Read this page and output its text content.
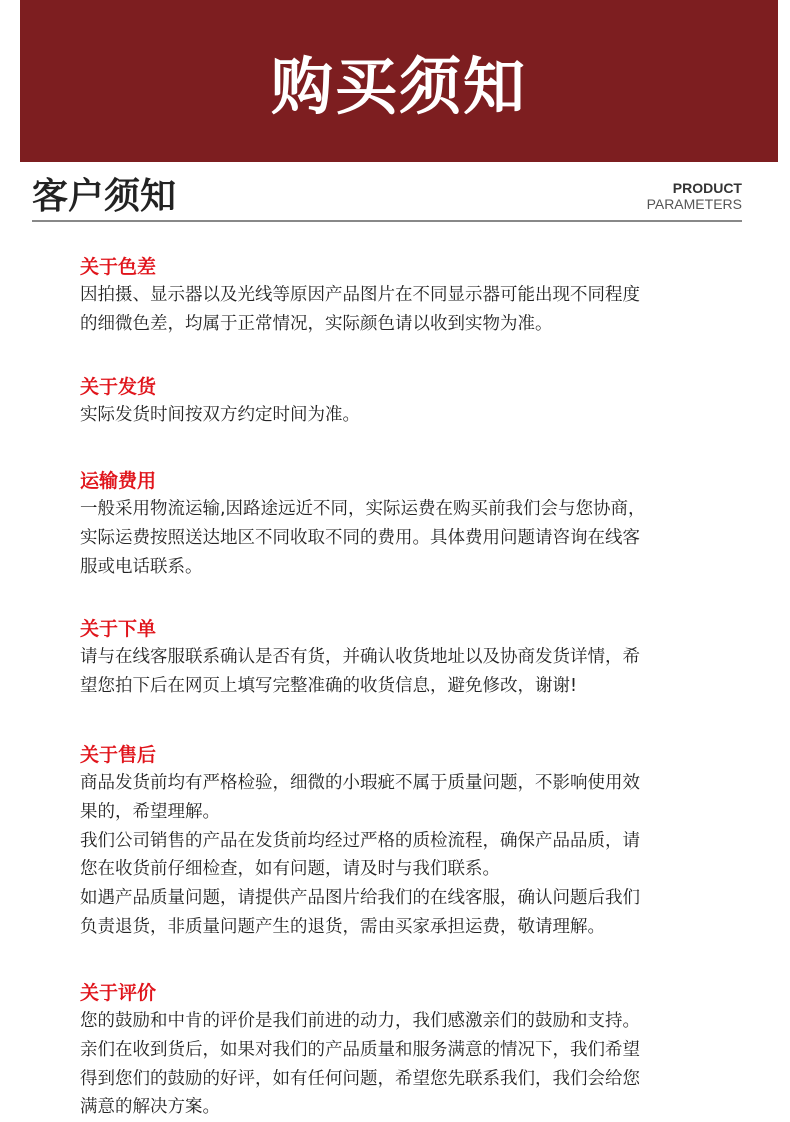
购买须知
客户须知	PRODUCT
PARAMETERS
关于色差
因拍摄、显示器以及光线等原因产品图片在不同显示器可能出现不同程度
的细微色差，均属于正常情况，实际颜色请以收到实物为准。
关于发货
实际发货时间按双方约定时间为准。
运输费用
一般采用物流运输,因路途远近不同，实际运费在购买前我们会与您协商，
实际运费按照送达地区不同收取不同的费用。具体费用问题请咨询在线客
服或电话联系。
关于下单
请与在线客服联系确认是否有货，并确认收货地址以及协商发货详情，希
望您拍下后在网页上填写完整准确的收货信息，避免修改，谢谢!
关于售后
商品发货前均有严格检验，细微的小瑕疵不属于质量问题，不影响使用效
果的，希望理解。
我们公司销售的产品在发货前均经过严格的质检流程，确保产品品质，请
您在收货前仔细检查，如有问题，请及时与我们联系。
如遇产品质量问题，请提供产品图片给我们的在线客服，确认问题后我们
负责退货，非质量问题产生的退货，需由买家承担运费，敬请理解。
关于评价
您的鼓励和中肯的评价是我们前进的动力，我们感激亲们的鼓励和支持。
亲们在收到货后，如果对我们的产品质量和服务满意的情况下，我们希望
得到您们的鼓励的好评，如有任何问题，希望您先联系我们，我们会给您
满意的解决方案。
